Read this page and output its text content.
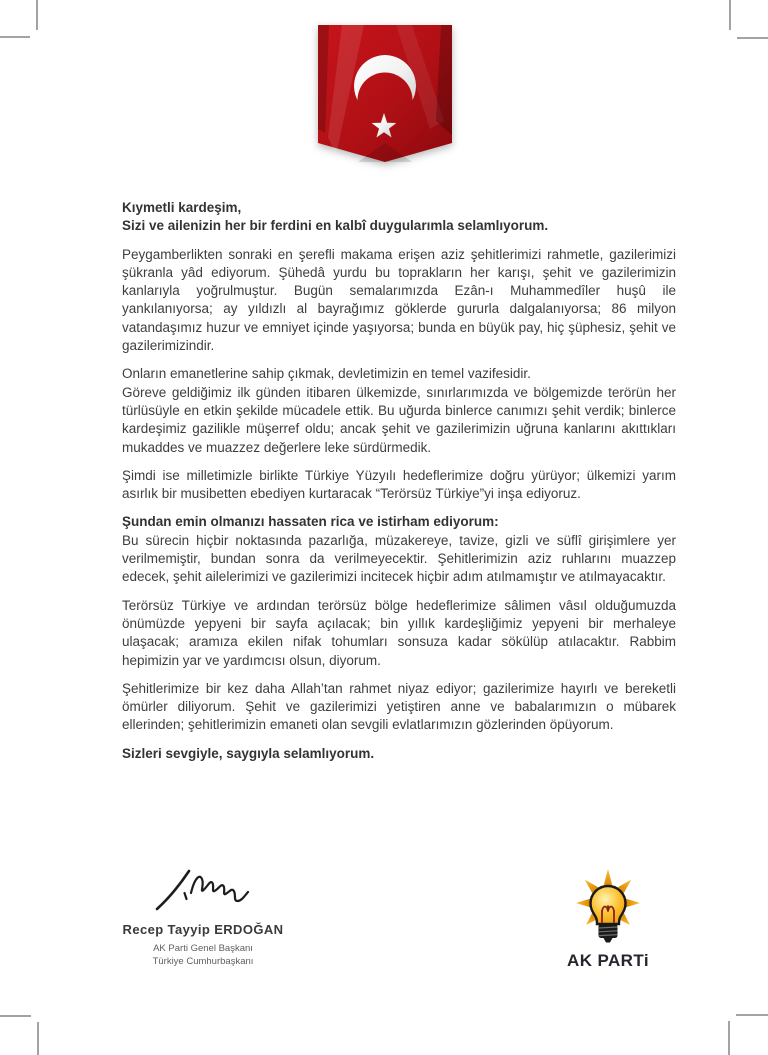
Kıymetli kardeşim,
Sizi ve ailenizin her bir ferdini en kalbî duygularımla selamlıyorum.

Peygamberlikten sonraki en şerefli makama erişen aziz şehitlerimizi rahmetle, gazilerimizi şükranla yâd ediyorum. Şühedâ yurdu bu toprakların her karışı, şehit ve gazilerimizin kanlarıyla yoğrulmuştur. Bugün semalarımızda Ezân-ı Muhammedîler huşû ile yankılanıyorsa; ay yıldızlı al bayrağımız göklerde gururla dalgalanıyorsa; 86 milyon vatandaşımız huzur ve emniyet içinde yaşıyorsa; bunda en büyük pay, hiç şüphesiz, şehit ve gazilerimizindir.

Onların emanetlerine sahip çıkmak, devletimizin en temel vazifesidir.
Göreve geldiğimiz ilk günden itibaren ülkemizde, sınırlarımızda ve bölgemizde terörün her türlüsüyle en etkin şekilde mücadele ettik. Bu uğurda binlerce canımızı şehit verdik; binlerce kardeşimiz gazilikle müşerref oldu; ancak şehit ve gazilerimizin uğruna kanlarını akıttıkları mukaddes ve muazzez değerlere leke sürdürmedik.

Şimdi ise milletimizle birlikte Türkiye Yüzyılı hedeflerimize doğru yürüyor; ülkemizi yarım asırlık bir musibetten ebediyen kurtaracak “Terörsüz Türkiye”yi inşa ediyoruz.

Şundan emin olmanızı hassaten rica ve istirham ediyorum:
Bu sürecin hiçbir noktasında pazarlığa, müzakereye, tavize, gizli ve süflî girişimlere yer verilmemiştir, bundan sonra da verilmeyecektir. Şehitlerimizin aziz ruhlarını muazzep edecek, şehit ailelerimizi ve gazilerimizi incitecek hiçbir adım atılmamıştır ve atılmayacaktır.

Terörsüz Türkiye ve ardından terörsüz bölge hedeflerimize sâlimen vâsıl olduğumuzda önümüzde yepyeni bir sayfa açılacak; bin yıllık kardeşliğimiz yepyeni bir merhaleye ulaşacak; aramıza ekilen nifak tohumları sonsuza kadar sökülüp atılacaktır. Rabbim hepimizin yar ve yardımcısı olsun, diyorum.

Şehitlerimize bir kez daha Allah’tan rahmet niyaz ediyor; gazilerimize hayırlı ve bereketli ömürler diliyorum. Şehit ve gazilerimizi yetiştiren anne ve babalarımızın o mübarek ellerinden; şehitlerimizin emaneti olan sevgili evlatlarımızın gözlerinden öpüyorum.

Sizleri sevgiyle, saygıyla selamlıyorum.

Recep Tayyip ERDOĞAN
AK Parti Genel Başkanı
Türkiye Cumhurbaşkanı	AK PARTi
